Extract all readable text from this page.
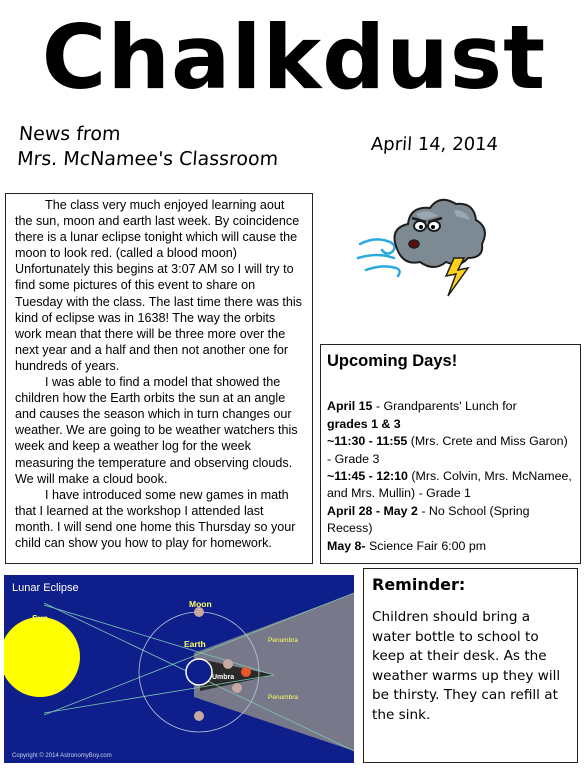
Chalkdust
News from
Mrs. McNamee's Classroom
April 14, 2014

The class very much enjoyed learning aout the sun, moon and earth last week. By coincidence there is a lunar eclipse tonight which will cause the moon to look red. (called a blood moon) Unfortunately this begins at 3:07 AM so I will try to find some pictures of this event to share on Tuesday with the class. The last time there was this kind of eclipse was in 1638! The way the orbits work mean that there will be three more over the next year and a half and then not another one for hundreds of years.

I was able to find a model that showed the children how the Earth orbits the sun at an angle and causes the season which in turn changes our weather. We are going to be weather watchers this week and keep a weather log for the week measuring the temperature and observing clouds. We will make a cloud book.

I have introduced some new games in math that I learned at the workshop I attended last month. I will send one home this Thursday so your child can show you how to play for homework.

Upcoming Days!

April 15 - Grandparents' Lunch for

grades 1 & 3

~11:30 - 11:55 (Mrs. Crete and Miss Garon) - Grade 3

~11:45 - 12:10 (Mrs. Colvin, Mrs. McNamee, and Mrs. Mullin) - Grade 1

April 28 - May 2 - No School (Spring Recess)

May 8- Science Fair 6:00 pm

Lunar Eclipse
Sun
Moon
Earth
Umbra
Penumbra
Penumbra
Copyright © 2014 AstronomyBoy.com
Reminder:

Children should bring a water bottle to school to keep at their desk. As the weather warms up they will be thirsty. They can refill at the sink.
